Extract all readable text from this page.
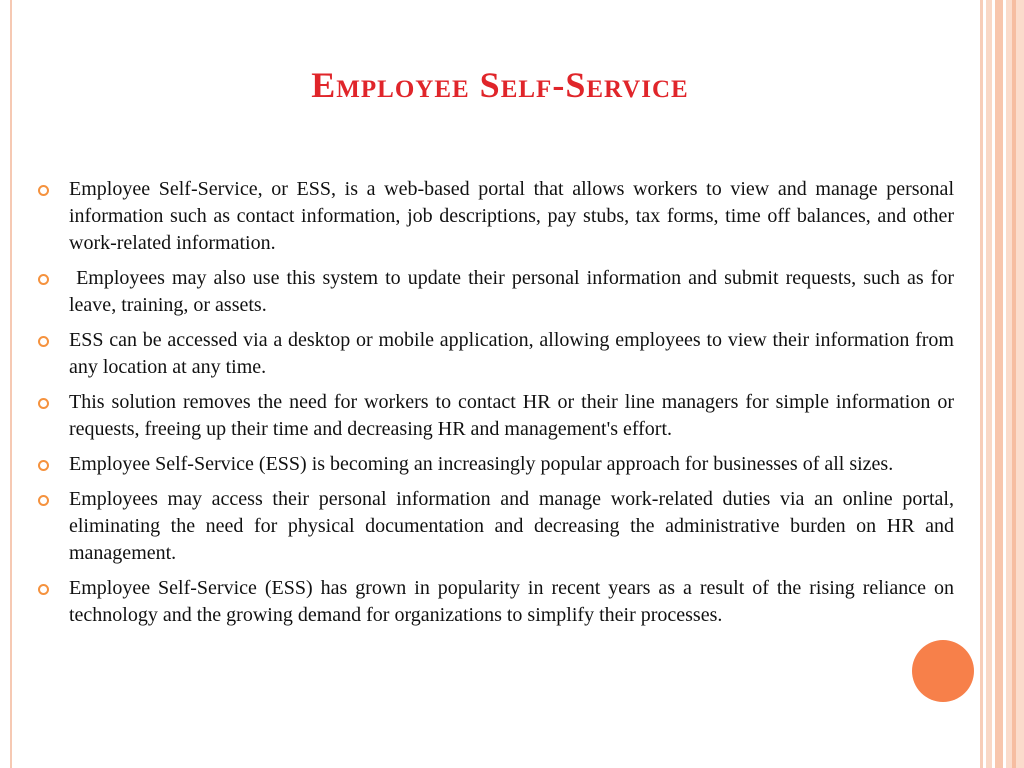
Employee Self-Service
Employee Self-Service, or ESS, is a web-based portal that allows workers to view and manage personal information such as contact information, job descriptions, pay stubs, tax forms, time off balances, and other work-related information.
Employees may also use this system to update their personal information and submit requests, such as for leave, training, or assets.
ESS can be accessed via a desktop or mobile application, allowing employees to view their information from any location at any time.
This solution removes the need for workers to contact HR or their line managers for simple information or requests, freeing up their time and decreasing HR and management's effort.
Employee Self-Service (ESS) is becoming an increasingly popular approach for businesses of all sizes.
Employees may access their personal information and manage work-related duties via an online portal, eliminating the need for physical documentation and decreasing the administrative burden on HR and management.
Employee Self-Service (ESS) has grown in popularity in recent years as a result of the rising reliance on technology and the growing demand for organizations to simplify their processes.
